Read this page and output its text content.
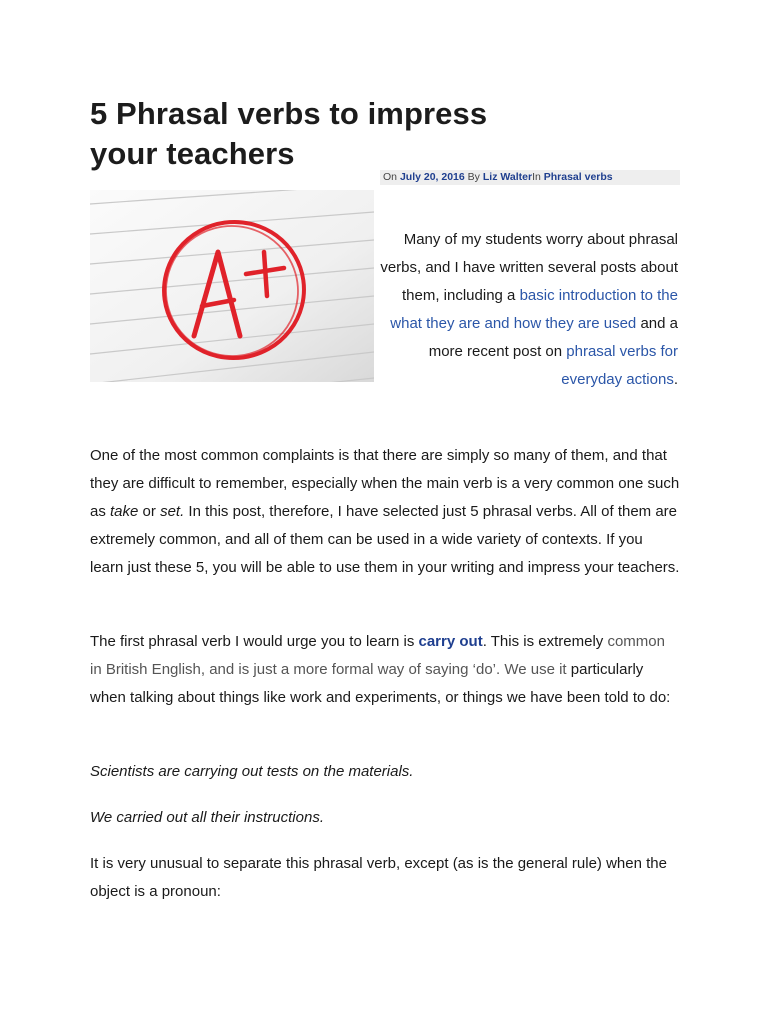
5 Phrasal verbs to impress
your teachers
On July 20, 2016 By Liz WalterIn Phrasal verbs

Many of my students worry about phrasal verbs, and I have written several posts about them, including a basic introduction to the what they are and how they are used and a more recent post on phrasal verbs for everyday actions.

One of the most common complaints is that there are simply so many of them, and that they are difficult to remember, especially when the main verb is a very common one such as take or set. In this post, therefore, I have selected just 5 phrasal verbs. All of them are extremely common, and all of them can be used in a wide variety of contexts. If you learn just these 5, you will be able to use them in your writing and impress your teachers.

The first phrasal verb I would urge you to learn is carry out. This is extremely common in British English, and is just a more formal way of saying ‘do’. We use it particularly when talking about things like work and experiments, or things we have been told to do:

Scientists are carrying out tests on the materials.

We carried out all their instructions.

It is very unusual to separate this phrasal verb, except (as is the general rule) when the object is a pronoun:
